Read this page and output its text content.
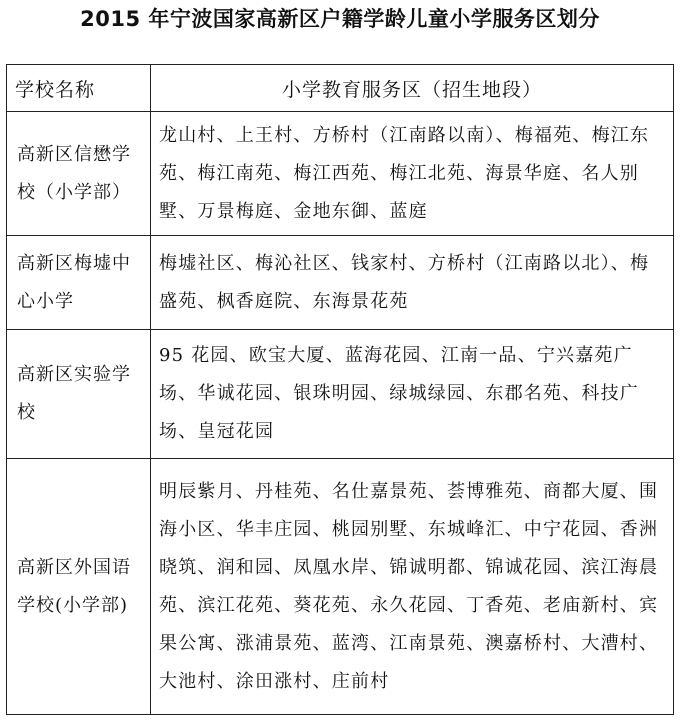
2015 年宁波国家高新区户籍学龄儿童小学服务区划分
学校名称	小学教育服务区（招生地段）
高新区信懋学校（小学部）	龙山村、上王村、方桥村（江南路以南）、梅福苑、梅江东苑、梅江南苑、梅江西苑、梅江北苑、海景华庭、名人别墅、万景梅庭、金地东御、蓝庭
高新区梅墟中心小学	梅墟社区、梅沁社区、钱家村、方桥村（江南路以北）、梅盛苑、枫香庭院、东海景花苑
高新区实验学校	95 花园、欧宝大厦、蓝海花园、江南一品、宁兴嘉苑广场、华诚花园、银珠明园、绿城绿园、东郡名苑、科技广场、皇冠花园
高新区外国语学校(小学部)	明辰紫月、丹桂苑、名仕嘉景苑、荟博雅苑、商都大厦、围海小区、华丰庄园、桃园别墅、东城峰汇、中宁花园、香洲晓筑、润和园、凤凰水岸、锦诚明都、锦诚花园、滨江海晨苑、滨江花苑、葵花苑、永久花园、丁香苑、老庙新村、宾果公寓、涨浦景苑、蓝湾、江南景苑、澳嘉桥村、大漕村、大池村、涂田涨村、庄前村
